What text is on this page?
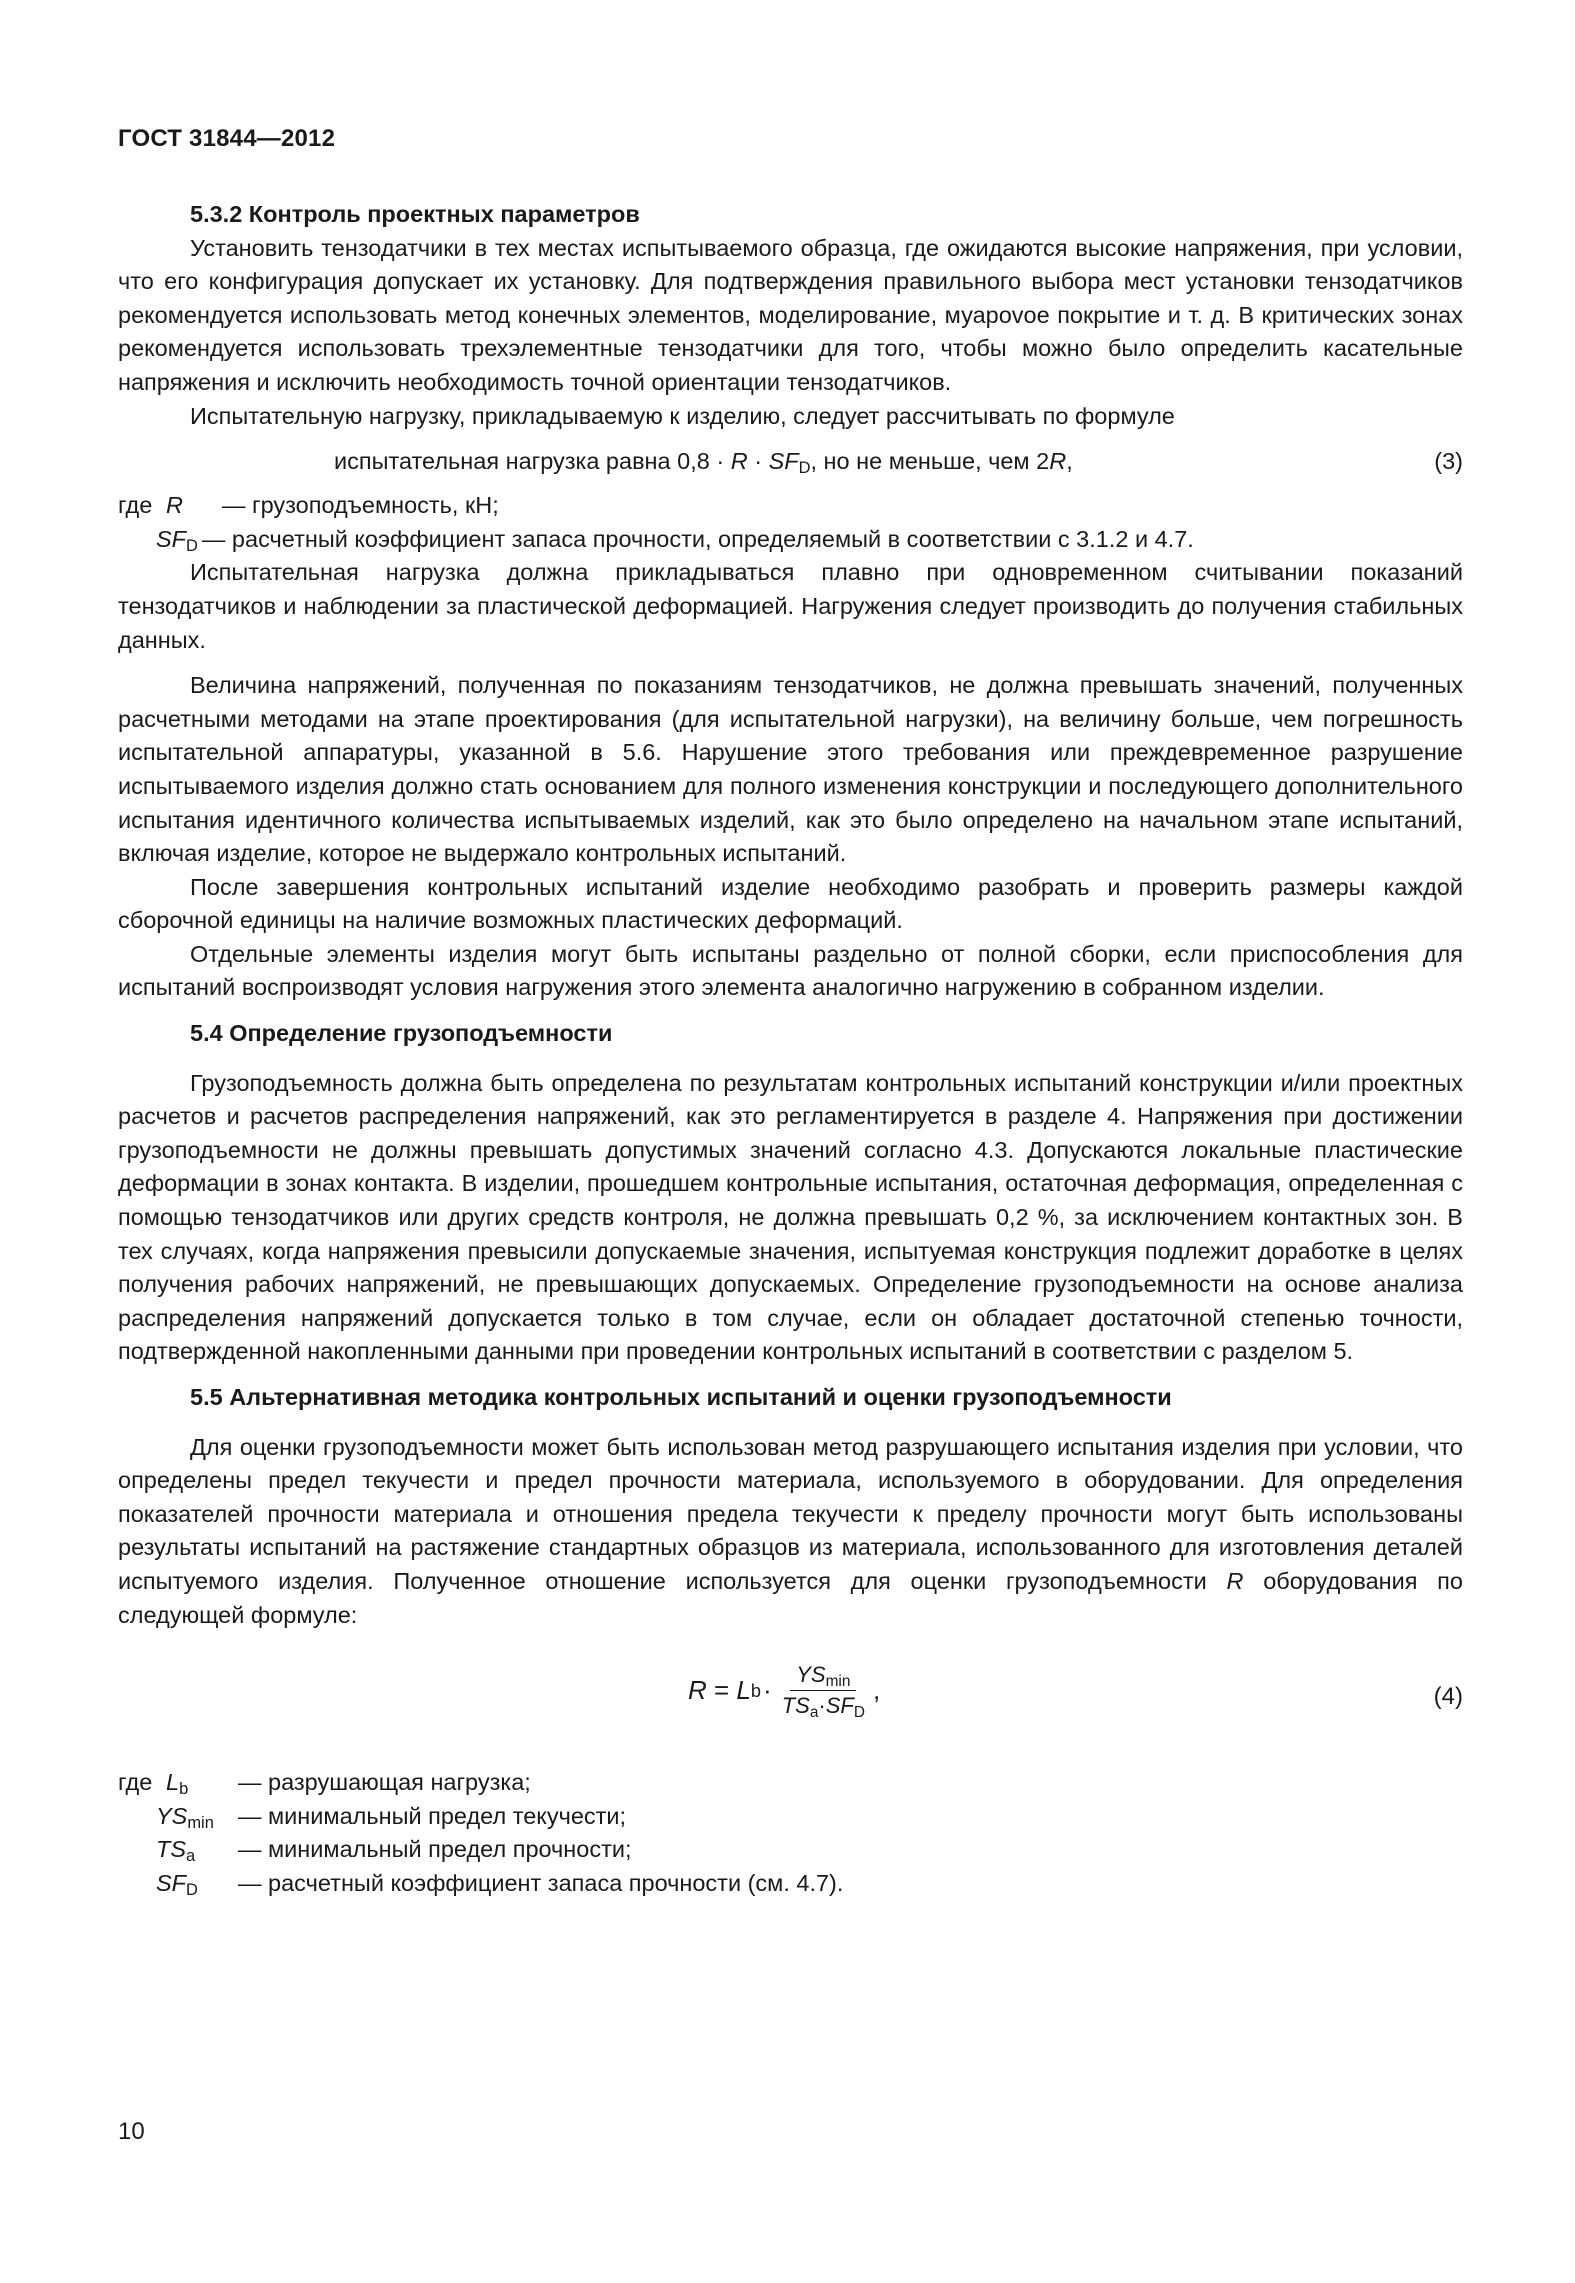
ГОСТ 31844—2012

5.3.2 Контроль проектных параметров

Установить тензодатчики в тех местах испытываемого образца, где ожидаются высокие напряжения, при условии, что его конфигурация допускает их установку. Для подтверждения правильного выбора мест установки тензодатчиков рекомендуется использовать метод конечных элементов, моделирование, муароvое покрытие и т. д. В критических зонах рекомендуется использовать трехэлементные тензодатчики для того, чтобы можно было определить касательные напряжения и исключить необходимость точной ориентации тензодатчиков.

Испытательную нагрузку, прикладываемую к изделию, следует рассчитывать по формуле

испытательная нагрузка равна $0,8 \cdot R \cdot SF_D$, но не меньше, чем 2R,	(3)
где R	— грузоподъемность, кН;
$SF_D$ — расчетный коэффициент запаса прочности, определяемый в соответствии с 3.1.2 и 4.7.

Испытательная нагрузка должна прикладываться плавно при одновременном считывании показаний тензодатчиков и наблюдении за пластической деформацией. Нагружения следует производить до получения стабильных данных.

Величина напряжений, полученная по показаниям тензодатчиков, не должна превышать значений, полученных расчетными методами на этапе проектирования (для испытательной нагрузки), на величину больше, чем погрешность испытательной аппаратуры, указанной в 5.6. Нарушение этого требования или преждевременное разрушение испытываемого изделия должно стать основанием для полного изменения конструкции и последующего дополнительного испытания идентичного количества испытываемых изделий, как это было определено на начальном этапе испытаний, включая изделие, которое не выдержало контрольных испытаний.

После завершения контрольных испытаний изделие необходимо разобрать и проверить размеры каждой сборочной единицы на наличие возможных пластических деформаций.

Отдельные элементы изделия могут быть испытаны раздельно от полной сборки, если приспособления для испытаний воспроизводят условия нагружения этого элемента аналогично нагружению в собранном изделии.

5.4 Определение грузоподъемности

Грузоподъемность должна быть определена по результатам контрольных испытаний конструкции и/или проектных расчетов и расчетов распределения напряжений, как это регламентируется в разделе 4. Напряжения при достижении грузоподъемности не должны превышать допустимых значений согласно 4.3. Допускаются локальные пластические деформации в зонах контакта. В изделии, прошедшем контрольные испытания, остаточная деформация, определенная с помощью тензодатчиков или других средств контроля, не должна превышать 0,2 %, за исключением контактных зон. В тех случаях, когда напряжения превысили допускаемые значения, испытуемая конструкция подлежит доработке в целях получения рабочих напряжений, не превышающих допускаемых. Определение грузоподъемности на основе анализа распределения напряжений допускается только в том случае, если он обладает достаточной степенью точности, подтвержденной накопленными данными при проведении контрольных испытаний в соответствии с разделом 5.

5.5 Альтернативная методика контрольных испытаний и оценки грузоподъемности

Для оценки грузоподъемности может быть использован метод разрушающего испытания изделия при условии, что определены предел текучести и предел прочности материала, используемого в оборудовании. Для определения показателей прочности материала и отношения предела текучести к пределу прочности могут быть использованы результаты испытаний на растяжение стандартных образцов из материала, использованного для изготовления деталей испытуемого изделия. Полученное отношение используется для оценки грузоподъемности R оборудования по следующей формуле:

R = L $b \cdot \frac{YS_{min}}{TS_a\cdot SF_D}$ ,	(4)
где $L_b$	— разрушающая нагрузка;
$YS_{min}$	— минимальный предел текучести;
$TS_a$	— минимальный предел прочности;
$SF_D$	— расчетный коэффициент запаса прочности (см. 4.7).
10
